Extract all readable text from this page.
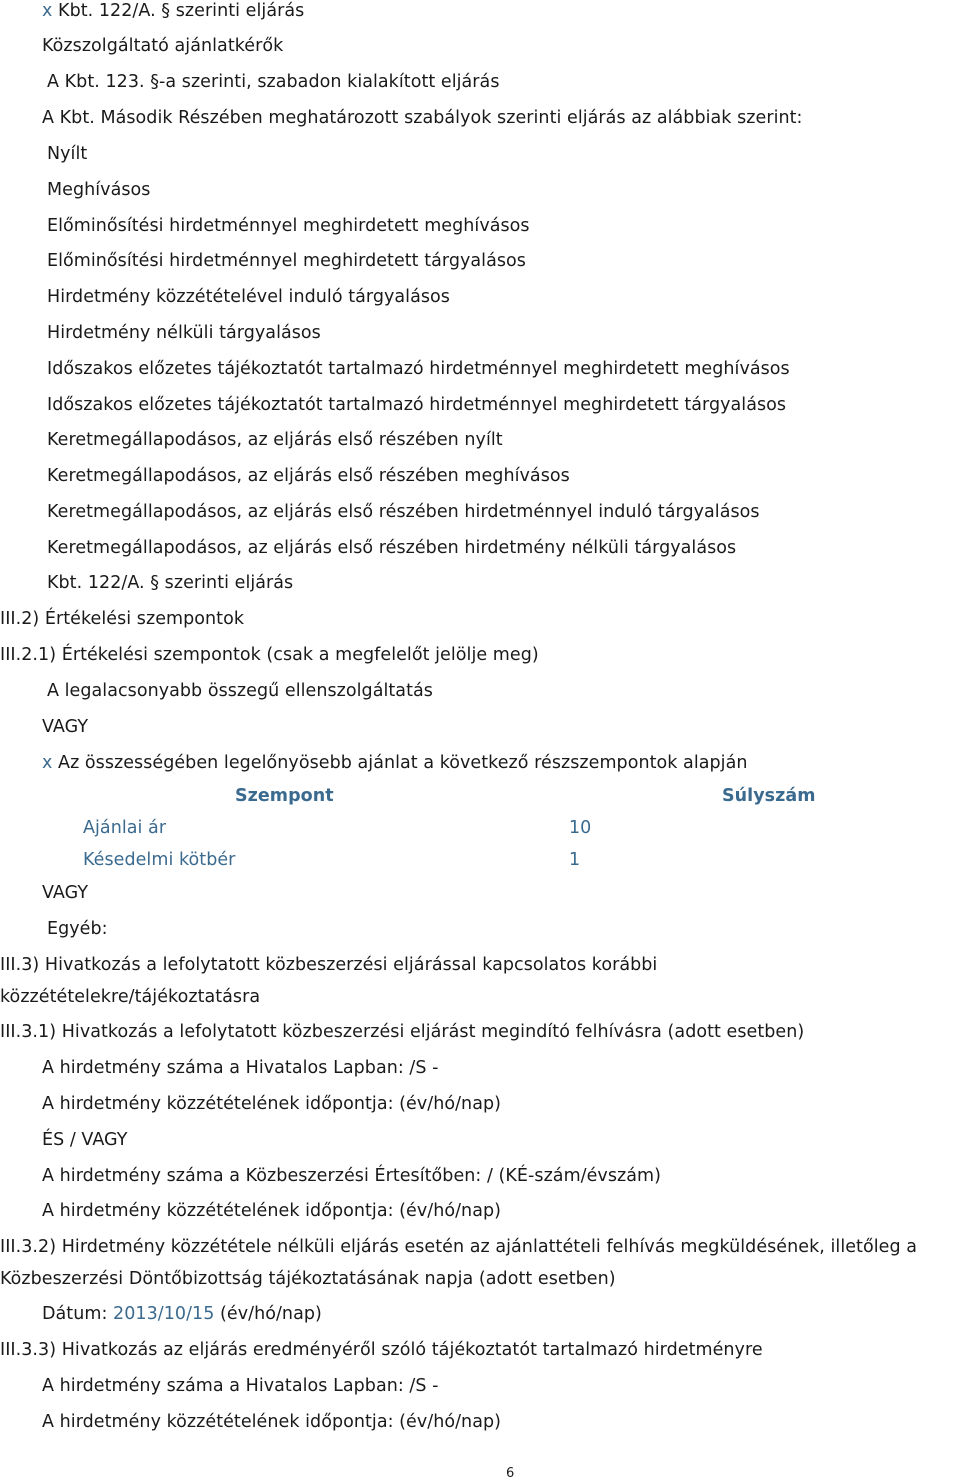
x Kbt. 122/A. § szerinti eljárás
Közszolgáltató ajánlatkérők
A Kbt. 123. §-a szerinti, szabadon kialakított eljárás
A Kbt. Második Részében meghatározott szabályok szerinti eljárás az alábbiak szerint:
Nyílt
Meghívásos
Előminősítési hirdetménnyel meghirdetett meghívásos
Előminősítési hirdetménnyel meghirdetett tárgyalásos
Hirdetmény közzétételével induló tárgyalásos
Hirdetmény nélküli tárgyalásos
Időszakos előzetes tájékoztatót tartalmazó hirdetménnyel meghirdetett meghívásos
Időszakos előzetes tájékoztatót tartalmazó hirdetménnyel meghirdetett tárgyalásos
Keretmegállapodásos, az eljárás első részében nyílt
Keretmegállapodásos, az eljárás első részében meghívásos
Keretmegállapodásos, az eljárás első részében hirdetménnyel induló tárgyalásos
Keretmegállapodásos, az eljárás első részében hirdetmény nélküli tárgyalásos
Kbt. 122/A. § szerinti eljárás
III.2) Értékelési szempontok
III.2.1) Értékelési szempontok (csak a megfelelőt jelölje meg)
A legalacsonyabb összegű ellenszolgáltatás
VAGY
x Az összességében legelőnyösebb ajánlat a következő részszempontok alapján
Szempont	Súlyszám
Ajánlai ár	10
Késedelmi kötbér	1
VAGY
Egyéb:
III.3) Hivatkozás a lefolytatott közbeszerzési eljárással kapcsolatos korábbi
közzétételekre/tájékoztatásra
III.3.1) Hivatkozás a lefolytatott közbeszerzési eljárást megindító felhívásra (adott esetben)
A hirdetmény száma a Hivatalos Lapban: /S -
A hirdetmény közzétételének időpontja: (év/hó/nap)
ÉS / VAGY
A hirdetmény száma a Közbeszerzési Értesítőben: / (KÉ-szám/évszám)
A hirdetmény közzétételének időpontja: (év/hó/nap)
III.3.2) Hirdetmény közzététele nélküli eljárás esetén az ajánlattételi felhívás megküldésének, illetőleg a
Közbeszerzési Döntőbizottság tájékoztatásának napja (adott esetben)
Dátum: 2013/10/15 (év/hó/nap)
III.3.3) Hivatkozás az eljárás eredményéről szóló tájékoztatót tartalmazó hirdetményre
A hirdetmény száma a Hivatalos Lapban: /S -
A hirdetmény közzétételének időpontja: (év/hó/nap)
6
